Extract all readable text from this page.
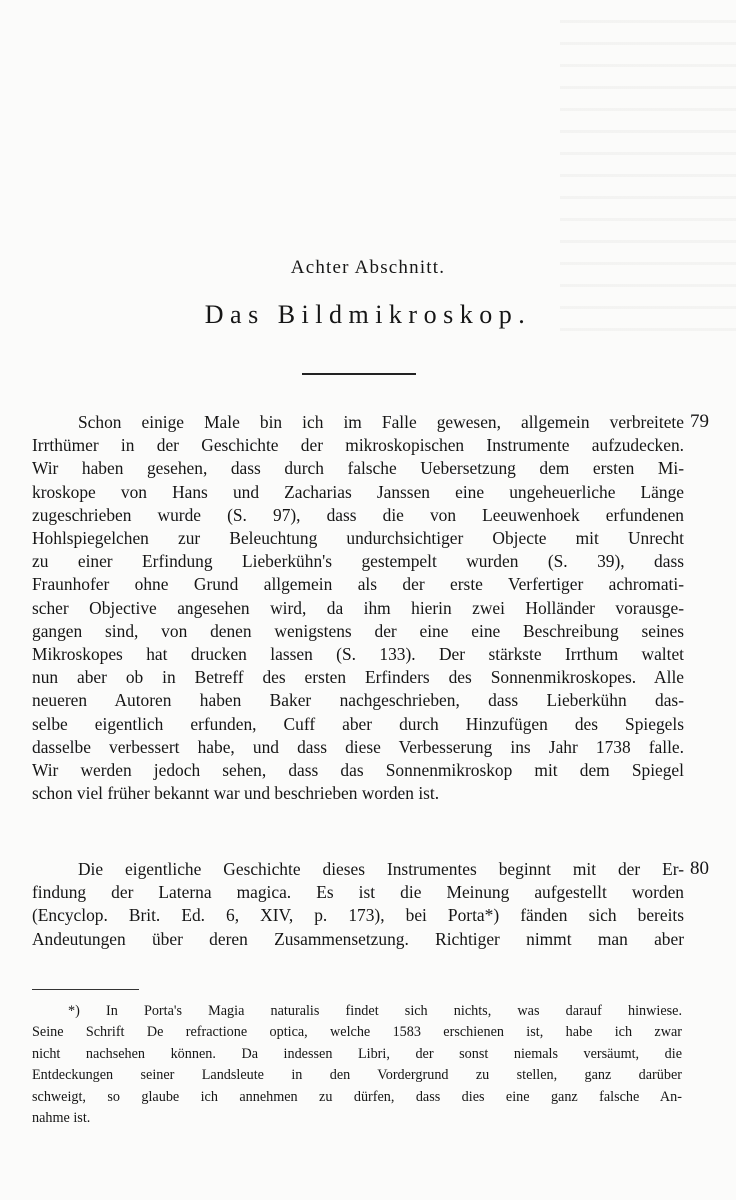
Achter Abschnitt.
Das Bildmikroskop.
79
80
Schon einige Male bin ich im Falle gewesen, allgemein verbreitete
Irrthümer in der Geschichte der mikroskopischen Instrumente aufzudecken.
Wir haben gesehen, dass durch falsche Uebersetzung dem ersten Mi-
kroskope von Hans und Zacharias Janssen eine ungeheuerliche Länge
zugeschrieben wurde (S. 97), dass die von Leeuwenhoek erfundenen
Hohlspiegelchen zur Beleuchtung undurchsichtiger Objecte mit Unrecht
zu einer Erfindung Lieberkühn's gestempelt wurden (S. 39), dass
Fraunhofer ohne Grund allgemein als der erste Verfertiger achromati-
scher Objective angesehen wird, da ihm hierin zwei Holländer vorausge-
gangen sind, von denen wenigstens der eine eine Beschreibung seines
Mikroskopes hat drucken lassen (S. 133). Der stärkste Irrthum waltet
nun aber ob in Betreff des ersten Erfinders des Sonnenmikroskopes. Alle
neueren Autoren haben Baker nachgeschrieben, dass Lieberkühn das-
selbe eigentlich erfunden, Cuff aber durch Hinzufügen des Spiegels
dasselbe verbessert habe, und dass diese Verbesserung ins Jahr 1738 falle.
Wir werden jedoch sehen, dass das Sonnenmikroskop mit dem Spiegel
schon viel früher bekannt war und beschrieben worden ist.
Die eigentliche Geschichte dieses Instrumentes beginnt mit der Er-
findung der Laterna magica. Es ist die Meinung aufgestellt worden
(Encyclop. Brit. Ed. 6, XIV, p. 173), bei Porta*) fänden sich bereits
Andeutungen über deren Zusammensetzung. Richtiger nimmt man aber
*) In Porta's Magia naturalis findet sich nichts, was darauf hinwiese.
Seine Schrift De refractione optica, welche 1583 erschienen ist, habe ich zwar
nicht nachsehen können. Da indessen Libri, der sonst niemals versäumt, die
Entdeckungen seiner Landsleute in den Vordergrund zu stellen, ganz darüber
schweigt, so glaube ich annehmen zu dürfen, dass dies eine ganz falsche An-
nahme ist.
